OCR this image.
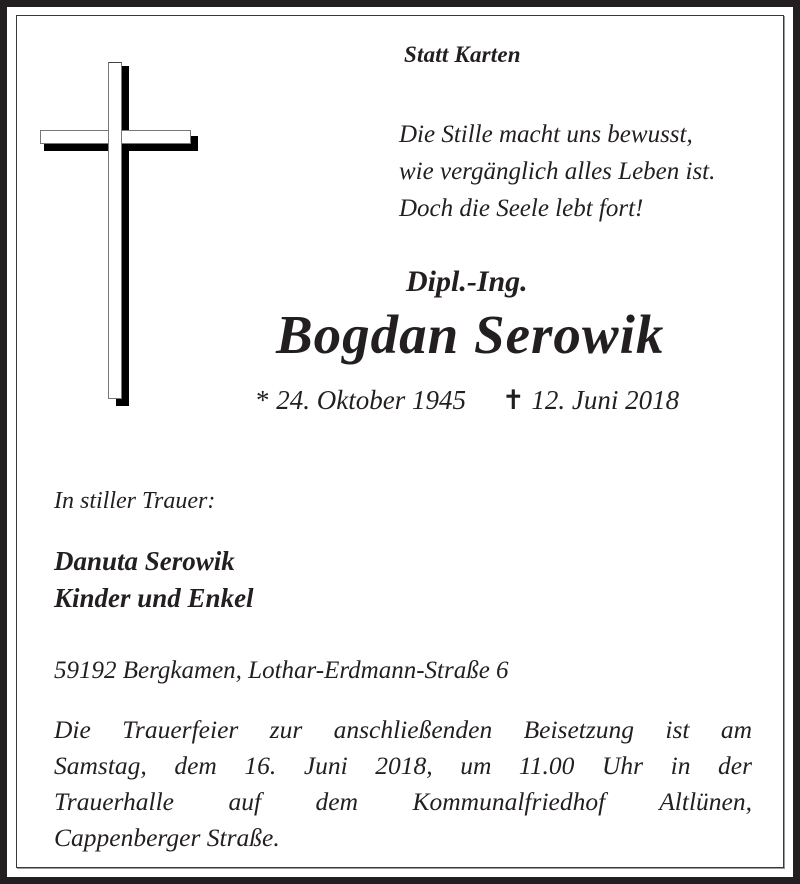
Statt Karten
Die Stille macht uns bewusst,
wie vergänglich alles Leben ist.
Doch die Seele lebt fort!
Dipl.-Ing.
Bogdan Serowik
* 24. Oktober 1945 ✝ 12. Juni 2018
In stiller Trauer:
Danuta Serowik
Kinder und Enkel
59192 Bergkamen, Lothar-Erdmann-Straße 6
Die Trauerfeier zur anschließenden Beisetzung ist am
Samstag, dem 16. Juni 2018, um 11.00 Uhr in der
Trauerhalle auf dem Kommunalfriedhof Altlünen,
Cappenberger Straße.
